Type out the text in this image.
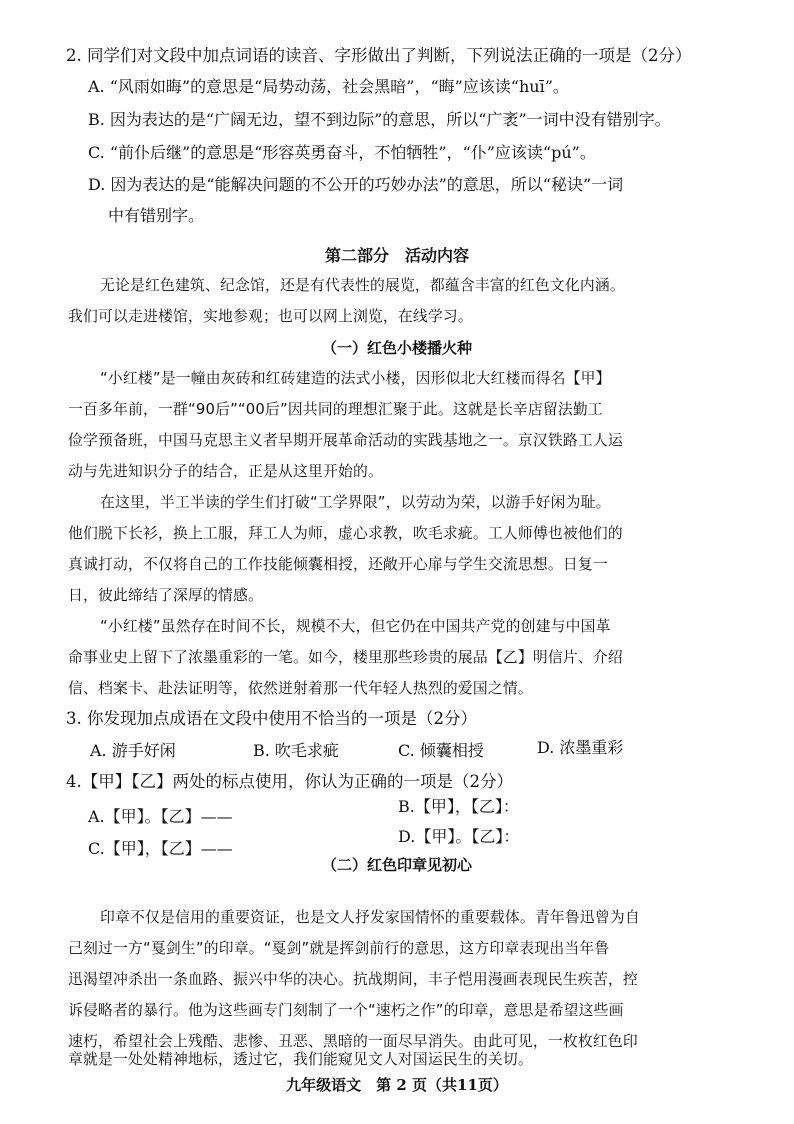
2. 同学们对文段中加点词语的读音、字形做出了判断，下列说法正确的一项是（2分）
A. “风雨如晦”的意思是“局势动荡，社会黑暗”，“晦”应该读“huī”。
B. 因为表达的是“广阔无边，望不到边际”的意思，所以“广袤”一词中没有错别字。
C. “前仆后继”的意思是“形容英勇奋斗，不怕牺牲”，“仆”应该读“pú”。
D. 因为表达的是“能解决问题的不公开的巧妙办法”的意思，所以“秘诀”一词
中有错别字。
第二部分　活动内容
无论是红色建筑、纪念馆，还是有代表性的展览，都蕴含丰富的红色文化内涵。
我们可以走进楼馆，实地参观；也可以网上浏览，在线学习。
（一）红色小楼播火种
“小红楼”是一幢由灰砖和红砖建造的法式小楼，因形似北大红楼而得名【甲】
一百多年前，一群“90后”“00后”因共同的理想汇聚于此。这就是长辛店留法勤工
俭学预备班，中国马克思主义者早期开展革命活动的实践基地之一。京汉铁路工人运
动与先进知识分子的结合，正是从这里开始的。
在这里，半工半读的学生们打破“工学界限”，以劳动为荣，以游手好闲为耻。
他们脱下长衫，换上工服，拜工人为师，虚心求教，吹毛求疵。工人师傅也被他们的
真诚打动，不仅将自己的工作技能倾囊相授，还敞开心扉与学生交流思想。日复一
日，彼此缔结了深厚的情感。
“小红楼”虽然存在时间不长，规模不大，但它仍在中国共产党的创建与中国革
命事业史上留下了浓墨重彩的一笔。如今，楼里那些珍贵的展品【乙】明信片、介绍
信、档案卡、赴法证明等，依然迸射着那一代年轻人热烈的爱国之情。
3. 你发现加点成语在文段中使用不恰当的一项是（2分）
A. 游手好闲	B. 吹毛求疵	C. 倾囊相授	D. 浓墨重彩
4.【甲】【乙】两处的标点使用，你认为正确的一项是（2分）
A.【甲】。【乙】——
B.【甲】，【乙】：
C.【甲】，【乙】——
D.【甲】。【乙】：
（二）红色印章见初心
印章不仅是信用的重要资证，也是文人抒发家国情怀的重要载体。青年鲁迅曾为自
己刻过一方“戛剑生”的印章。“戛剑”就是挥剑前行的意思，这方印章表现出当年鲁
迅渴望冲杀出一条血路、振兴中华的决心。抗战期间，丰子恺用漫画表现民生疾苦，控
诉侵略者的暴行。他为这些画专门刻制了一个“速朽之作”的印章，意思是希望这些画
速朽，希望社会上残酷、悲惨、丑恶、黑暗的一面尽早消失。由此可见，一枚枚红色印
章就是一处处精神地标，透过它，我们能窥见文人对国运民生的关切。
九年级语文　第 2 页（共11页）
